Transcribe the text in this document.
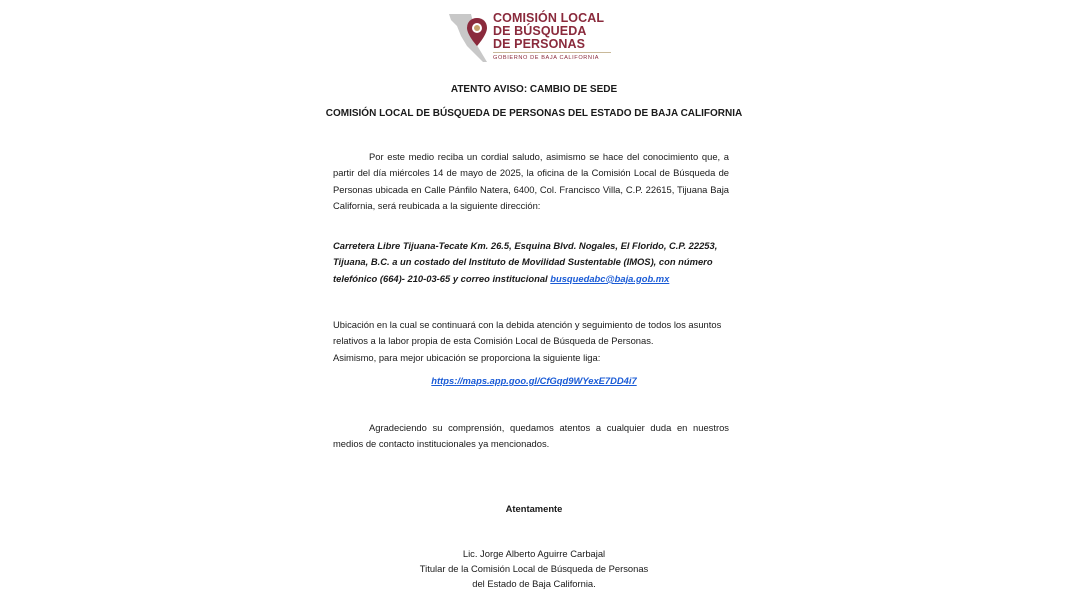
COMISIÓN LOCAL
DE BÚSQUEDA
DE PERSONAS
GOBIERNO DE BAJA CALIFORNIA
ATENTO AVISO: CAMBIO DE SEDE
COMISIÓN LOCAL DE BÚSQUEDA DE PERSONAS DEL ESTADO DE BAJA CALIFORNIA
Por este medio reciba un cordial saludo, asimismo se hace del conocimiento que, a partir del día miércoles 14 de mayo de 2025, la oficina de la Comisión Local de Búsqueda de Personas ubicada en Calle Pánfilo Natera, 6400, Col. Francisco Villa, C.P. 22615, Tijuana Baja California, será reubicada a la siguiente dirección:
Carretera Libre Tijuana-Tecate Km. 26.5, Esquina Blvd. Nogales, El Florido, C.P. 22253, Tijuana, B.C. a un costado del Instituto de Movilidad Sustentable (IMOS), con número telefónico (664)- 210-03-65 y correo institucional busquedabc@baja.gob.mx
Ubicación en la cual se continuará con la debida atención y seguimiento de todos los asuntos relativos a la labor propia de esta Comisión Local de Búsqueda de Personas.
Asimismo, para mejor ubicación se proporciona la siguiente liga:
https://maps.app.goo.gl/CfGqd9WYexE7DD4i7
Agradeciendo su comprensión, quedamos atentos a cualquier duda en nuestros medios de contacto institucionales ya mencionados.
Atentamente
Lic. Jorge Alberto Aguirre Carbajal
Titular de la Comisión Local de Búsqueda de Personas
del Estado de Baja California.
